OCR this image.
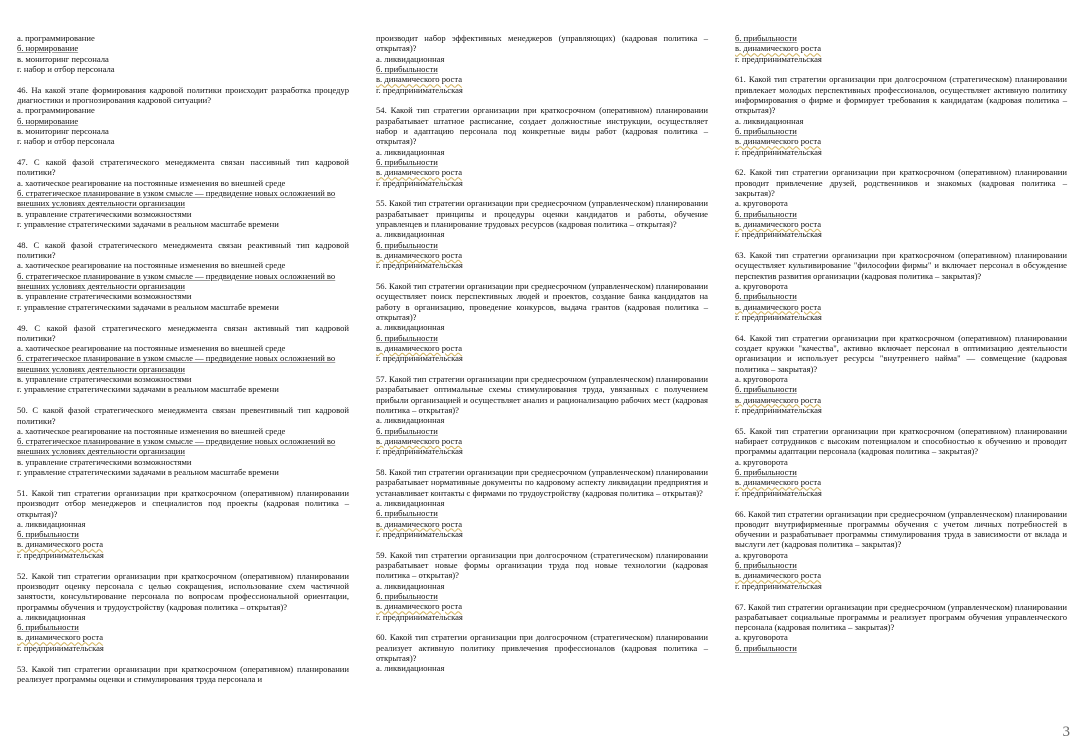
а. программирование
б. нормирование
в. мониторинг персонала
г. набор и отбор персонала

46. На какой этапе формирования кадровой политики происходит разработка процедур диагностики и прогнозирования кадровой ситуации?

а. программирование
б. нормирование
в. мониторинг персонала
г. набор и отбор персонала

47. С какой фазой стратегического менеджмента связан пассивный тип кадровой политики?

а. хаотическое реагирование на постоянные изменения во внешней среде
б. стратегическое планирование в узком смысле — предвидение новых осложнений во внешних условиях деятельности организации
в. управление стратегическими возможностями
г. управление стратегическими задачами в реальном масштабе времени

48. С какой фазой стратегического менеджмента связан реактивный тип кадровой политики?

а. хаотическое реагирование на постоянные изменения во внешней среде
б. стратегическое планирование в узком смысле — предвидение новых осложнений во внешних условиях деятельности организации
в. управление стратегическими возможностями
г. управление стратегическими задачами в реальном масштабе времени

49. С какой фазой стратегического менеджмента связан активный тип кадровой политики?

а. хаотическое реагирование на постоянные изменения во внешней среде
б. стратегическое планирование в узком смысле — предвидение новых осложнений во внешних условиях деятельности организации
в. управление стратегическими возможностями
г. управление стратегическими задачами в реальном масштабе времени

50. С какой фазой стратегического менеджмента связан превентивный тип кадровой политики?

а. хаотическое реагирование на постоянные изменения во внешней среде
б. стратегическое планирование в узком смысле — предвидение новых осложнений во внешних условиях деятельности организации
в. управление стратегическими возможностями
г. управление стратегическими задачами в реальном масштабе времени

51. Какой тип стратегии организации при краткосрочном (оперативном) планировании производит отбор менеджеров и специалистов под проекты (кадровая политика – открытая)?

а. ликвидационная
б. прибыльности
в. динамического роста
г. предпринимательская

52. Какой тип стратегии организации при краткосрочном (оперативном) планировании производит оценку персонала с целью сокращения, использование схем частичной занятости, консультирование персонала по вопросам профессиональной ориентации, программы обучения и трудоустройству (кадровая политика – открытая)?

а. ликвидационная
б. прибыльности
в. динамического роста
г. предпринимательская

53. Какой тип стратегии организации при краткосрочном (оперативном) планировании реализует программы оценки и стимулирования труда персонала и

производит набор эффективных менеджеров (управляющих) (кадровая политика – открытая)?

а. ликвидационная
б. прибыльности
в. динамического роста
г. предпринимательская

54. Какой тип стратегии организации при краткосрочном (оперативном) планировании разрабатывает штатное расписание, создает должностные инструкции, осуществляет набор и адаптацию персонала под конкретные виды работ (кадровая политика – открытая)?

а. ликвидационная
б. прибыльности
в. динамического роста
г. предпринимательская

55. Какой тип стратегии организации при среднесрочном (управленческом) планировании разрабатывает принципы и процедуры оценки кандидатов и работы, обучение управленцев и планирование трудовых ресурсов (кадровая политика – открытая)?

а. ликвидационная
б. прибыльности
в. динамического роста
г. предпринимательская

56. Какой тип стратегии организации при среднесрочном (управленческом) планировании осуществляет поиск перспективных людей и проектов, создание банка кандидатов на работу в организацию, проведение конкурсов, выдача грантов (кадровая политика – открытая)?

а. ликвидационная
б. прибыльности
в. динамического роста
г. предпринимательская

57. Какой тип стратегии организации при среднесрочном (управленческом) планировании разрабатывает оптимальные схемы стимулирования труда, увязанных с получением прибыли организацией и осуществляет анализ и рационализацию рабочих мест (кадровая политика – открытая)?

а. ликвидационная
б. прибыльности
в. динамического роста
г. предпринимательская

58. Какой тип стратегии организации при среднесрочном (управленческом) планировании разрабатывает нормативные документы по кадровому аспекту ликвидации предприятия и устанавливает контакты с фирмами по трудоустройству (кадровая политика – открытая)?

а. ликвидационная
б. прибыльности
в. динамического роста
г. предпринимательская

59. Какой тип стратегии организации при долгосрочном (стратегическом) планировании разрабатывает новые формы организации труда под новые технологии (кадровая политика – открытая)?

а. ликвидационная
б. прибыльности
в. динамического роста
г. предпринимательская

60. Какой тип стратегии организации при долгосрочном (стратегическом) планировании реализует активную политику привлечения профессионалов (кадровая политика – открытая)?

а. ликвидационная
б. прибыльности
в. динамического роста
г. предпринимательская

61. Какой тип стратегии организации при долгосрочном (стратегическом) планировании привлекает молодых перспективных профессионалов, осуществляет активную политику информирования о фирме и формирует требования к кандидатам (кадровая политика – открытая)?

а. ликвидационная
б. прибыльности
в. динамического роста
г. предпринимательская

62. Какой тип стратегии организации при краткосрочном (оперативном) планировании проводит привлечение друзей, родственников и знакомых (кадровая политика – закрытая)?

а. круговорота
б. прибыльности
в. динамического роста
г. предпринимательская

63. Какой тип стратегии организации при краткосрочном (оперативном) планировании осуществляет культивирование "философии фирмы" и включает персонал в обсуждение перспектив развития организации (кадровая политика – закрытая)?

а. круговорота
б. прибыльности
в. динамического роста
г. предпринимательская

64. Какой тип стратегии организации при краткосрочном (оперативном) планировании создает кружки "качества", активно включает персонал в оптимизацию деятельности организации и использует ресурсы "внутреннего найма" — совмещение (кадровая политика – закрытая)?

а. круговорота
б. прибыльности
в. динамического роста
г. предпринимательская

65. Какой тип стратегии организации при краткосрочном (оперативном) планировании набирает сотрудников с высоким потенциалом и способностью к обучению и проводит программы адаптации персонала (кадровая политика – закрытая)?

а. круговорота
б. прибыльности
в. динамического роста
г. предпринимательская

66. Какой тип стратегии организации при среднесрочном (управленческом) планировании проводит внутрифирменные программы обучения с учетом личных потребностей в обучении и разрабатывает программы стимулирования труда в зависимости от вклада и выслуги лет (кадровая политика – закрытая)?

а. круговорота
б. прибыльности
в. динамического роста
г. предпринимательская

67. Какой тип стратегии организации при среднесрочном (управленческом) планировании разрабатывает социальные программы и реализует программ обучения управленческого персонала (кадровая политика – закрытая)?

а. круговорота
б. прибыльности
3
